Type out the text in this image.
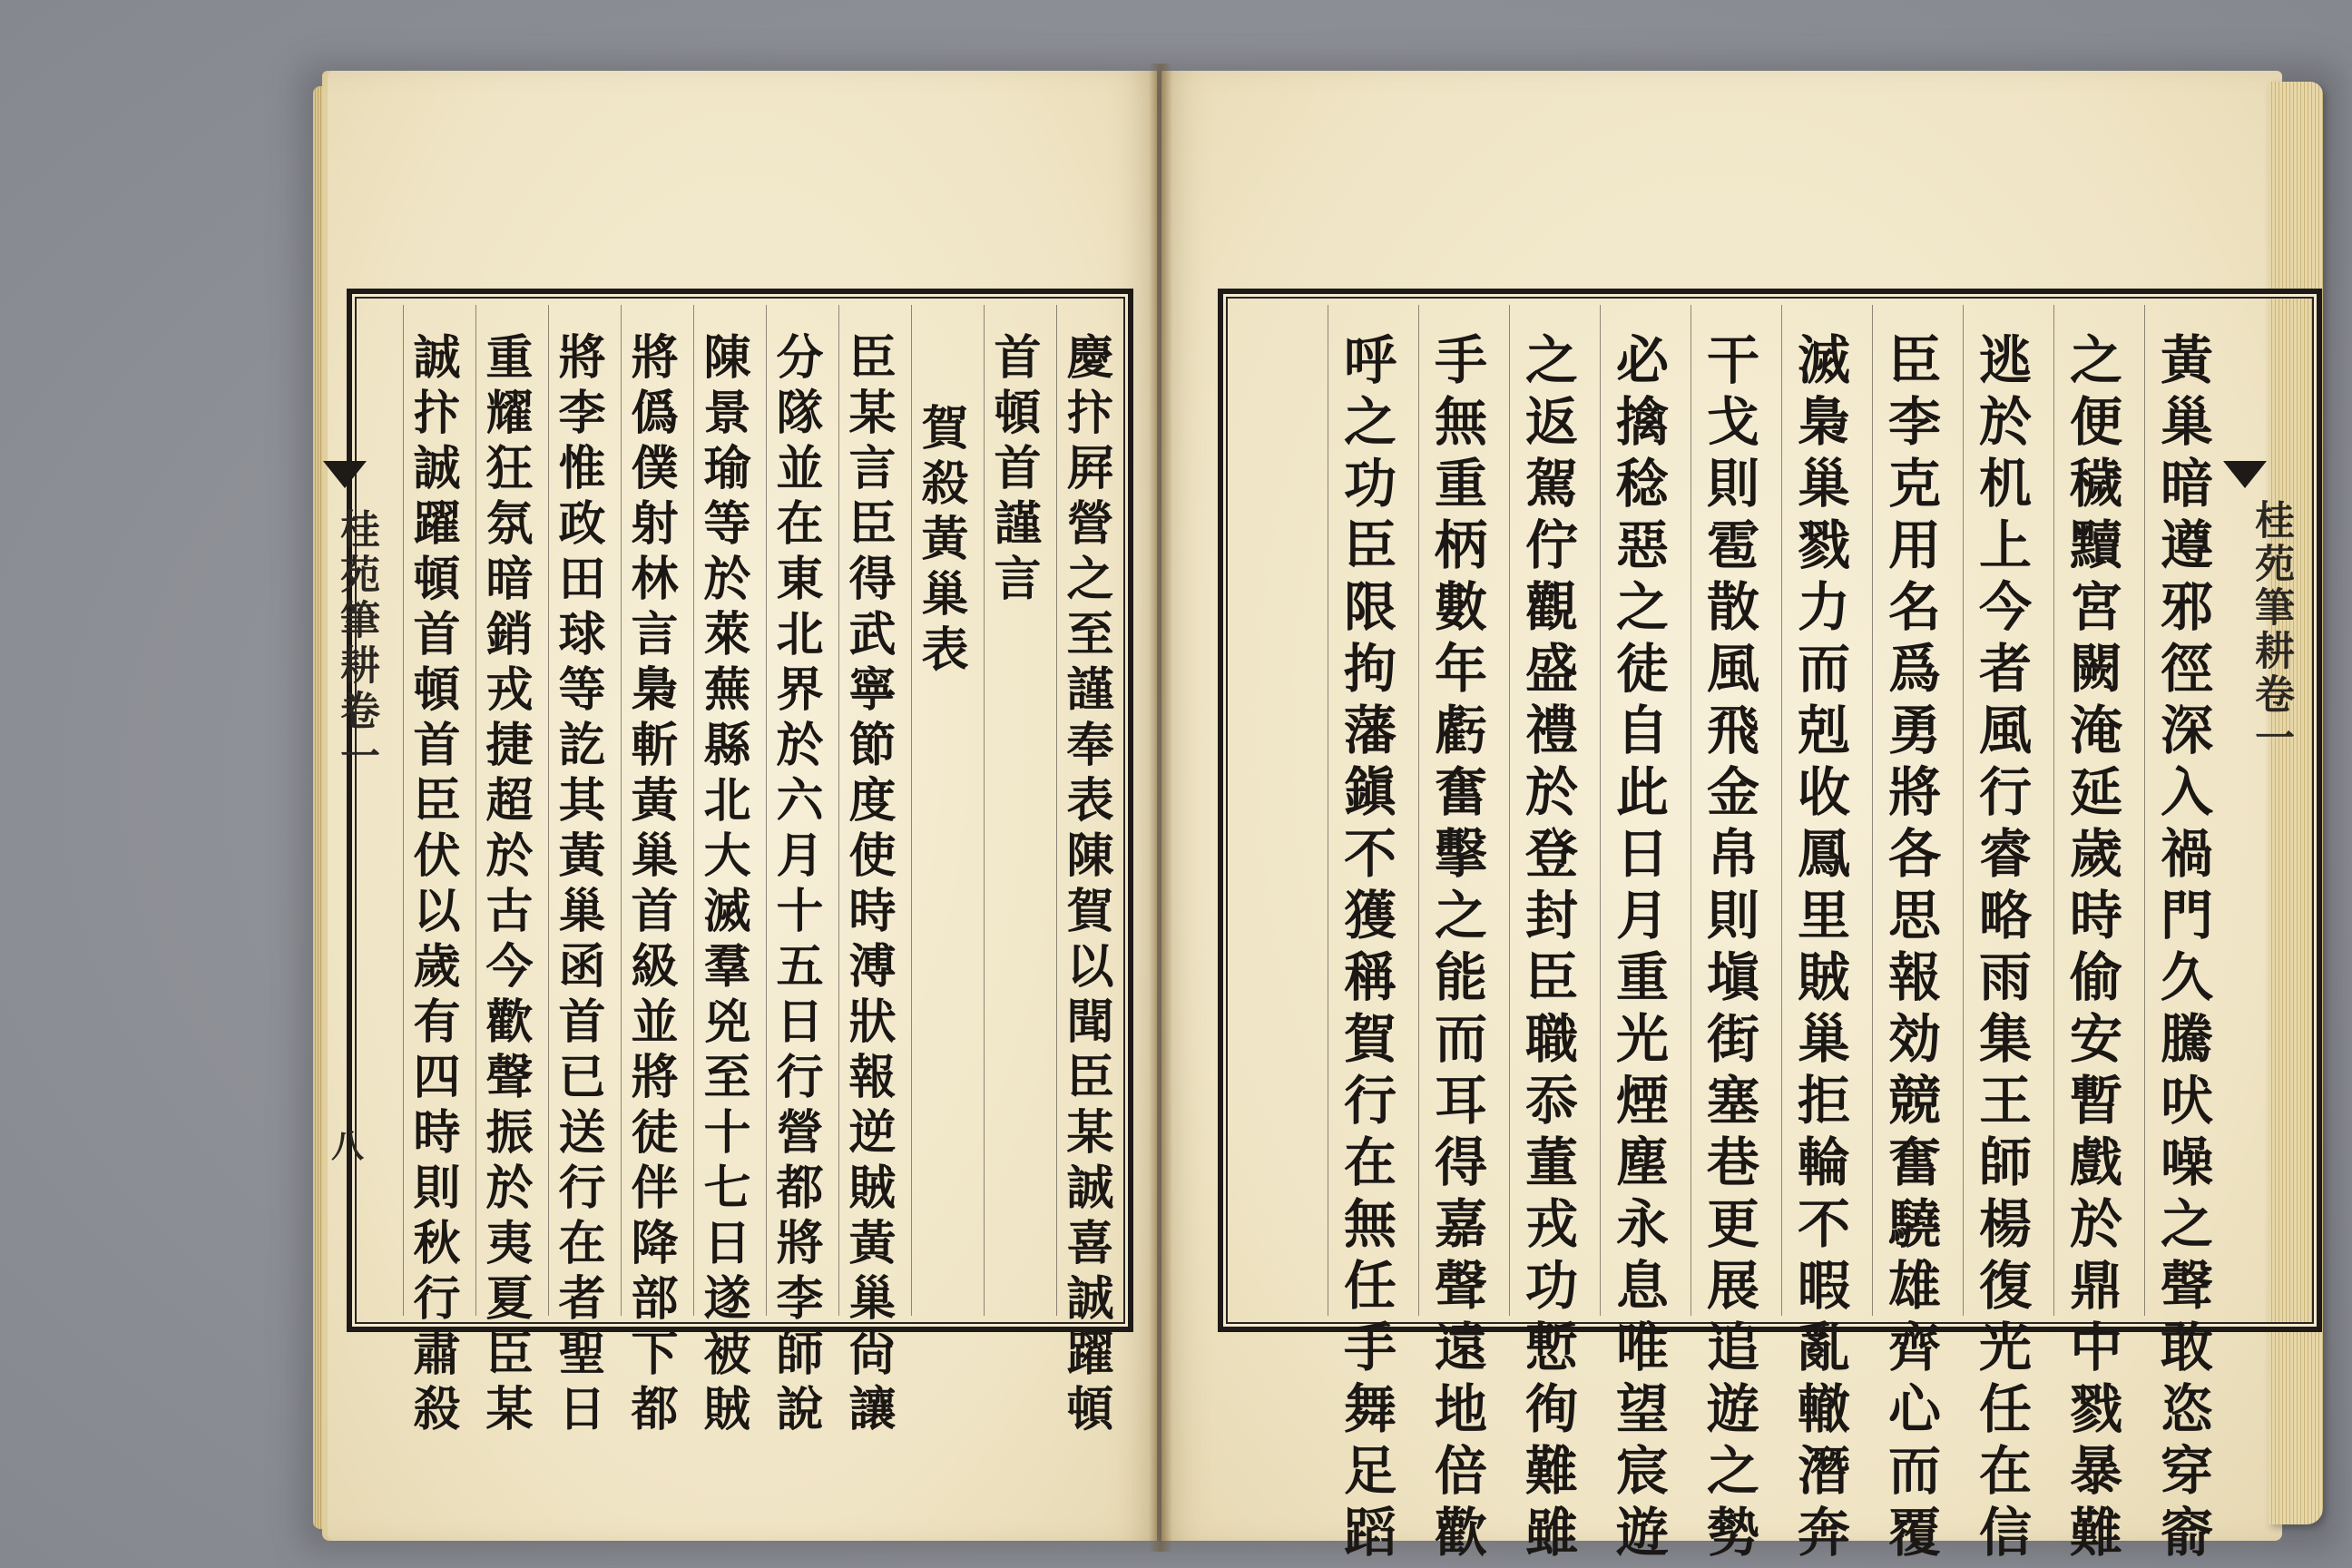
慶抃屛營之至謹奉表陳賀以聞臣某誠喜誠躍頓
首頓首謹言
賀殺黃巢表
臣某言臣得武寧節度使時溥狀報逆賊黃巢尙讓
分隊並在東北界於六月十五日行營都將李師說
陳景瑜等於萊蕪縣北大滅羣兇至十七日遂被賊
將僞僕射林言梟斬黃巢首級並將徒伴降部下都
將李惟政田球等訖其黃巢函首已送行在者聖日
重耀狂氛暗銷戎捷超於古今歡聲振於夷夏臣某
誠抃誠躍頓首頓首臣伏以歲有四時則秋行肅殺
桂苑筆耕卷一
八	黃巢暗遵邪徑深入禍門久騰吠噪之聲敢恣穿窬
之便穢黷宮闕淹延歲時偷安暫戲於鼎中戮暴難
逃於机上今者風行睿略雨集王師楊復光任在信
臣李克用名爲勇將各思報効競奮驍雄齊心而覆
滅梟巢戮力而剋收鳳里賊巢拒輪不暇亂轍潛奔
干戈則雹散風飛金帛則塡街塞巷更展追遊之勢
必擒稔惡之徒自此日月重光煙塵永息唯望宸遊
之返駕佇觀盛禮於登封臣職忝董戎功慙徇難雖
手無重柄數年虧奮擊之能而耳得嘉聲遠地倍歡
呼之功臣限拘藩鎭不獲稱賀行在無任手舞足蹈	桂苑筆耕卷一
